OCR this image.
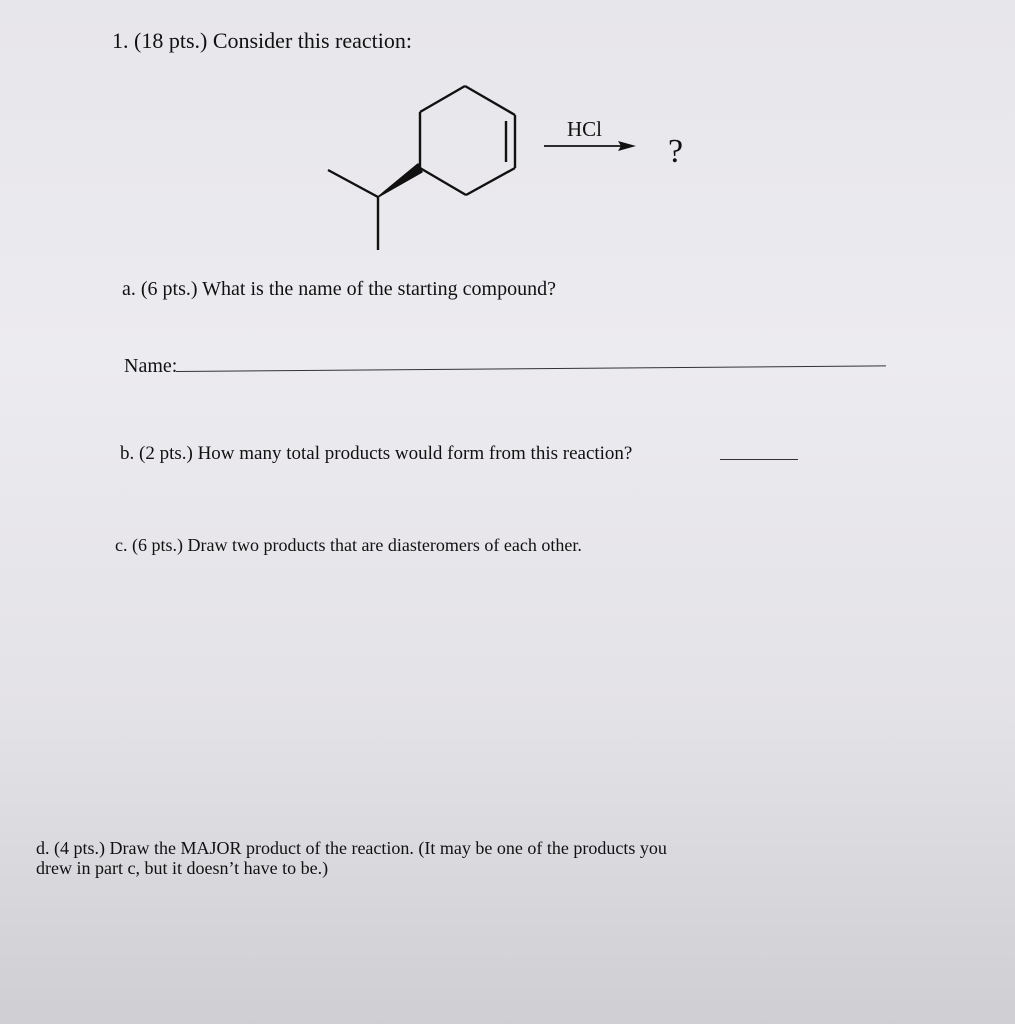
1. (18 pts.) Consider this reaction:

HCl
?

a. (6 pts.) What is the name of the starting compound?

Name:

b. (2 pts.) How many total products would form from this reaction?

c. (6 pts.) Draw two products that are diasteromers of each other.

d. (4 pts.) Draw the MAJOR product of the reaction. (It may be one of the products you
drew in part c, but it doesn’t have to be.)
